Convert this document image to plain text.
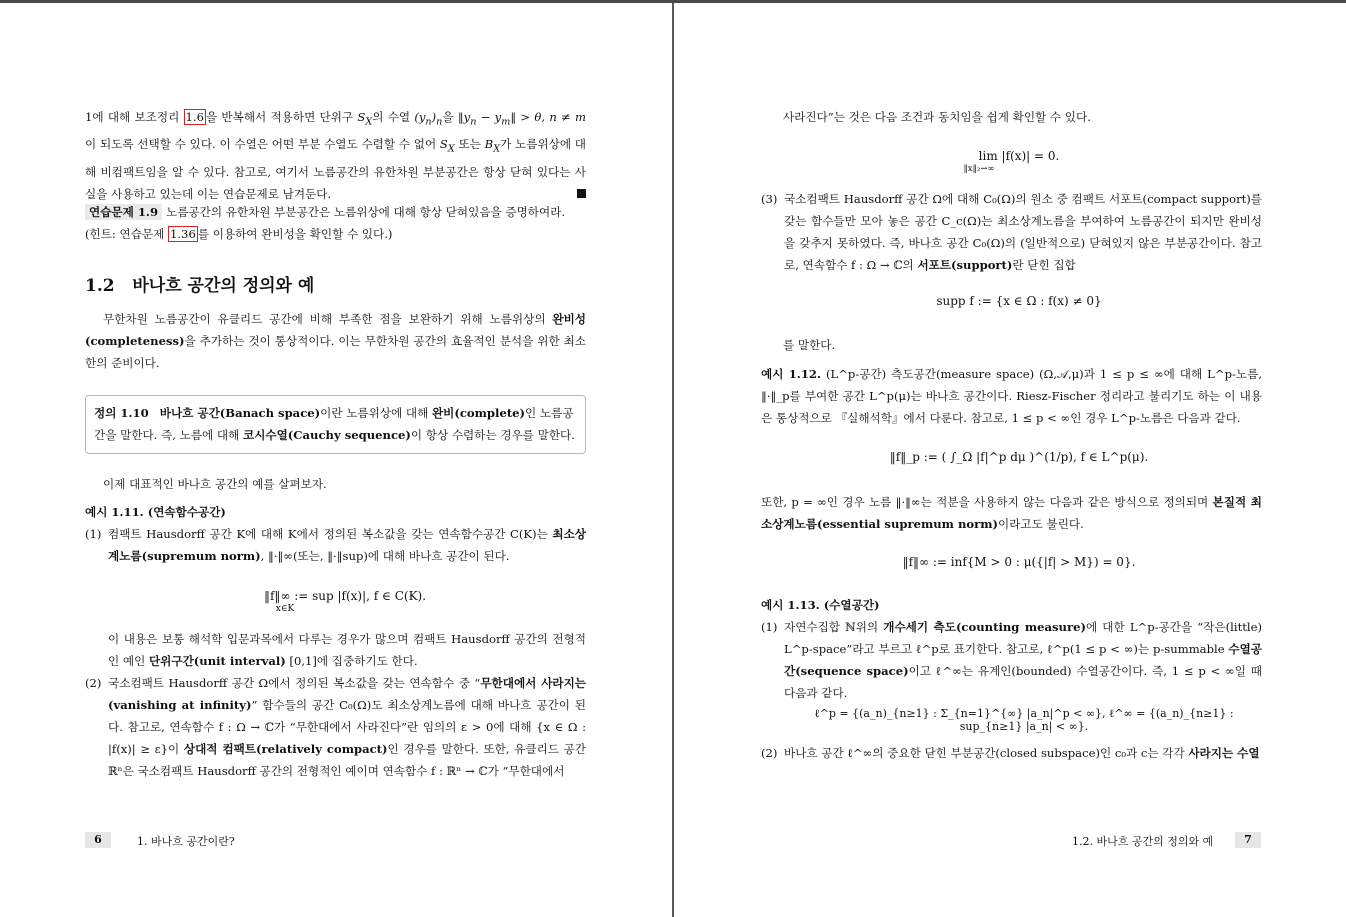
1에 대해 보조정리 1.6 을 반복해서 적용하면 단위구 $S_X$의 수열 $(y_n)_n$을 $‖y_n$ − $y_m‖ > \theta$, n ≠ m 이 되도록 선택할 수 있다. 이 수열은 어떤 부분 수열도 수렴할 수 없어 $S_X$ 또는 $B_X$가 노름위상에 대해 비컴팩트임을 알 수 있다. 참고로, 여기서 노름공간의 유한차원 부분공간은 항상 닫혀 있다는 사실을 사용하고 있는데 이는 연습문제로 남겨둔다.

연습문제 1.9 노름공간의 유한차원 부분공간은 노름위상에 대해 항상 닫혀있음을 증명하여라.
(힌트: 연습문제 1.36 를 이용하여 완비성을 확인할 수 있다.)

1.2 바나흐 공간의 정의와 예

무한차원 노름공간이 유클리드 공간에 비해 부족한 점을 보완하기 위해 노름위상의 완비성 (completeness)을 추가하는 것이 통상적이다. 이는 무한차원 공간의 효율적인 분석을 위한 최소한의 준비이다.

정의 1.10 바나흐 공간(Banach space)이란 노름위상에 대해 완비(complete)인 노름공간을 말한다. 즉, 노름에 대해 코시수열(Cauchy sequence)이 항상 수렴하는 경우를 말한다.

이제 대표적인 바나흐 공간의 예를 살펴보자.

예시 1.11. (연속함수공간)

(1) 컴팩트 Hausdorff 공간 K에 대해 K에서 정의된 복소값을 갖는 연속함수공간 C(K)는 최소상계노름(supremum norm), ‖·‖∞(또는, ‖·‖sup)에 대해 바나흐 공간이 된다.
‖f‖∞ := sup |f(x)|, f ∈ C(K).
$^{x\in K}$
이 내용은 보통 해석학 입문과목에서 다루는 경우가 많으며 컴팩트 Hausdorff 공간의 전형적인 예인 단위구간(unit interval) [0,1]에 집중하기도 한다.
(2) 국소컴팩트 Hausdorff 공간 Ω에서 정의된 복소값을 갖는 연속함수 중 “무한대에서 사라지는 (vanishing at infinity)” 함수들의 공간 C₀(Ω)도 최소상계노름에 대해 바나흐 공간이 된다. 참고로, 연속함수 f : Ω → ℂ가 “무한대에서 사라진다”란 임의의 ε > 0에 대해 {x ∈ Ω : |f(x)| ≥ ε}이 상대적 컴팩트(relatively compact)인 경우를 말한다. 또한, 유클리드 공간 ℝⁿ은 국소컴팩트 Hausdorff 공간의 전형적인 예이며 연속함수 f : ℝⁿ → ℂ가 “무한대에서
6	1. 바나흐 공간이란?

사라진다”는 것은 다음 조건과 동치임을 쉽게 확인할 수 있다.

lim |f(x)| = 0.
$^{‖x‖_2\to\infty}$
(3) 국소컴팩트 Hausdorff 공간 Ω에 대해 C₀(Ω)의 원소 중 컴팩트 서포트(compact support)를 갖는 함수들만 모아 놓은 공간 C_c(Ω)는 최소상계노름을 부여하여 노름공간이 되지만 완비성을 갖추지 못하였다. 즉, 바나흐 공간 C₀(Ω)의 (일반적으로) 닫혀있지 않은 부분공간이다. 참고로, 연속함수 f : Ω → ℂ의 서포트(support)란 닫힌 집합
supp f := {x ∈ Ω : f(x) ≠ 0}

를 말한다.

예시 1.12. (L^p-공간) 측도공간(measure space) (Ω,𝒜,μ)과 1 ≤ p ≤ ∞에 대해 L^p-노름, ‖·‖_p를 부여한 공간 L^p(μ)는 바나흐 공간이다. Riesz-Fischer 정리라고 불리기도 하는 이 내용은 통상적으로 『실해석학』에서 다룬다. 참고로, 1 ≤ p < ∞인 경우 L^p-노름은 다음과 같다.

‖f‖_p := ( ∫_Ω |f|^p dμ )^(1/p), f ∈ L^p(μ).

또한, p = ∞인 경우 노름 ‖·‖∞는 적분을 사용하지 않는 다음과 같은 방식으로 정의되며 본질적 최소상계노름(essential supremum norm)이라고도 불린다.

‖f‖∞ := inf{M > 0 : μ({|f| > M}) = 0}.

예시 1.13. (수열공간)

(1) 자연수집합 ℕ위의 개수세기 측도(counting measure)에 대한 L^p-공간을 “작은(little) L^p-space”라고 부르고 ℓ^p로 표기한다. 참고로, ℓ^p(1 ≤ p < ∞)는 p-summable 수열공간(sequence space)이고 ℓ^∞는 유계인(bounded) 수열공간이다. 즉, 1 ≤ p < ∞일 때 다음과 같다.
ℓ^p = {(a_n)_{n≥1} : Σ_{n=1}^{∞} |a_n|^p < ∞}, ℓ^∞ = {(a_n)_{n≥1} : sup_{n≥1} |a_n| < ∞}.
(2) 바나흐 공간 ℓ^∞의 중요한 닫힌 부분공간(closed subspace)인 c₀과 c는 각각 사라지는 수열
1.2. 바나흐 공간의 정의와 예	7
